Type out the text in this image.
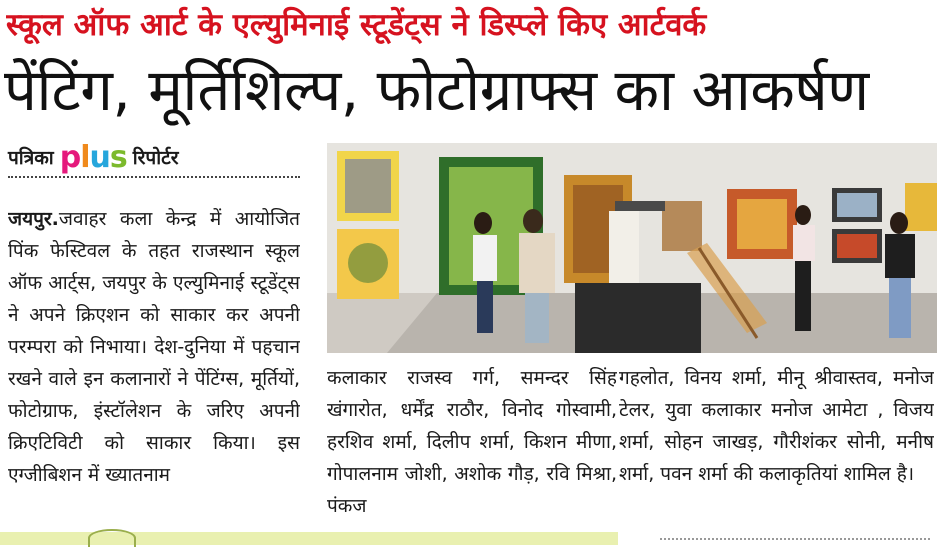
स्कूल ऑफ आर्ट के एल्युमिनाई स्टूडेंट्स ने डिस्प्ले किए आर्टवर्क
पेंटिंग, मूर्तिशिल्प, फोटोग्राफ्स का आकर्षण
पत्रिका p l u s रिपोर्टर
जयपुर.जवाहर कला केन्द्र में आयोजित पिंक फेस्टिवल के तहत राजस्थान स्कूल ऑफ आर्ट्स, जयपुर के एल्युमिनाई स्टूडेंट्स ने अपने क्रिएशन को साकार कर अपनी परम्परा को निभाया। देश-दुनिया में पहचान रखने वाले इन कलानारों ने पेंटिंग्स, मूर्तियों, फोटोग्राफ, इंस्टॉलेशन के जरिए अपनी क्रिएटिविटी को साकार किया। इस एग्जीबिशन में ख्यातनाम
कलाकार राजस्व गर्ग, समन्दर सिंह खंगारोत, धर्मेंद्र राठौर, विनोद गोस्वामी, हरशिव शर्मा, दिलीप शर्मा, किशन मीणा, गोपालनाम जोशी, अशोक गौड़, रवि मिश्रा, पंकज
गहलोत, विनय शर्मा, मीनू श्रीवास्तव, मनोज टेलर, युवा कलाकार मनोज आमेटा , विजय शर्मा, सोहन जाखड़, गौरीशंकर सोनी, मनीष शर्मा, पवन शर्मा की कलाकृतियां शामिल है।
